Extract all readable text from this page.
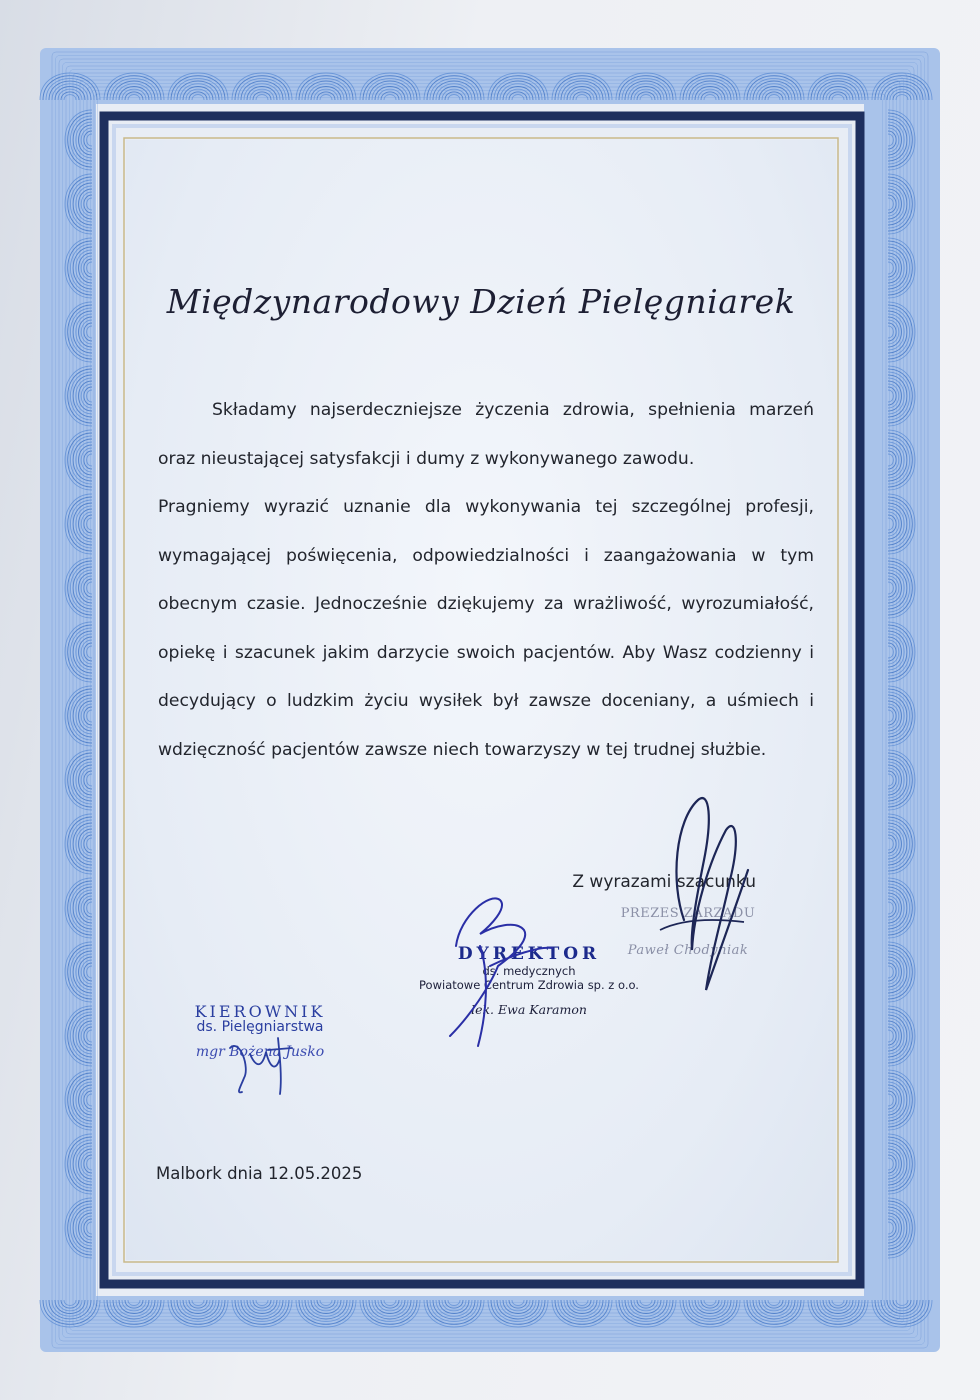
Międzynarodowy Dzień Pielęgniarek

Składamy najserdeczniejsze życzenia zdrowia, spełnienia marzeń oraz nieustającej satysfakcji i dumy z wykonywanego zawodu.

Pragniemy wyrazić uznanie dla wykonywania tej szczególnej profesji, wymagającej poświęcenia, odpowiedzialności i zaangażowania w tym obecnym czasie. Jednocześnie dziękujemy za wrażliwość, wyrozumiałość, opiekę i szacunek jakim darzycie swoich pacjentów. Aby Wasz codzienny i decydujący o ludzkim życiu wysiłek był zawsze doceniany, a uśmiech i wdzięczność pacjentów zawsze niech towarzyszy w tej trudnej służbie.

Z wyrazami szacunku
PREZES ZARZĄDU
Paweł Chodyniak
DYREKTOR
ds. medycznych
Powiatowe Centrum Zdrowia sp. z o.o.
lek. Ewa Karamon
KIEROWNIK
ds. Pielęgniarstwa
mgr Bożena Jusko
Malbork dnia 12.05.2025
